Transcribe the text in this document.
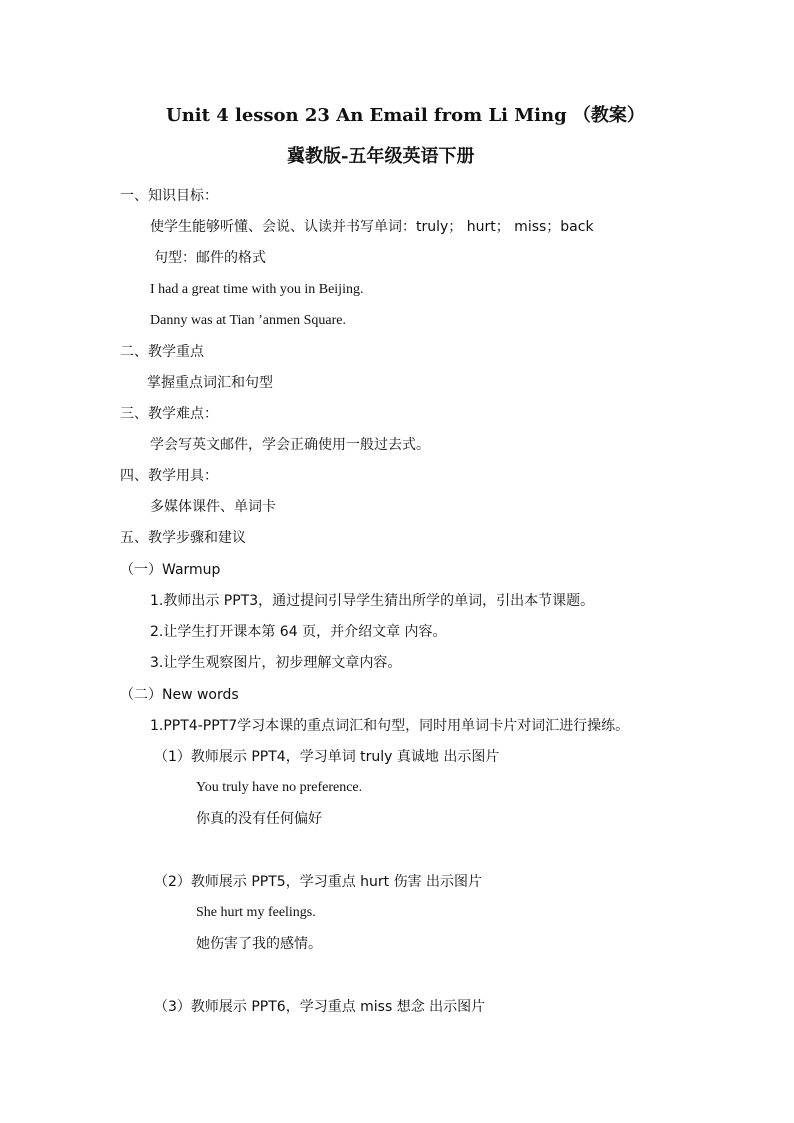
Unit 4 lesson 23 An Email from Li Ming （教案）
冀教版-五年级英语下册
一、知识目标：
使学生能够听懂、会说、认读并书写单词：truly； hurt； miss；back
句型：邮件的格式
I had a great time with you in Beijing.
Danny was at Tian ’anmen Square.
二、教学重点
掌握重点词汇和句型
三、教学难点：
学会写英文邮件，学会正确使用一般过去式。
四、教学用具：
多媒体课件、单词卡
五、教学步骤和建议
（一）Warmup
1.教师出示 PPT3，通过提问引导学生猜出所学的单词，引出本节课题。
2.让学生打开课本第 64 页，并介绍文章 内容。
3.让学生观察图片，初步理解文章内容。
（二）New words
1.PPT4-PPT7学习本课的重点词汇和句型，同时用单词卡片对词汇进行操练。
（1）教师展示 PPT4，学习单词 truly 真诚地 出示图片
You truly have no preference.
你真的没有任何偏好
（2）教师展示 PPT5，学习重点 hurt 伤害 出示图片
She hurt my feelings.
她伤害了我的感情。
（3）教师展示 PPT6，学习重点 miss 想念 出示图片
